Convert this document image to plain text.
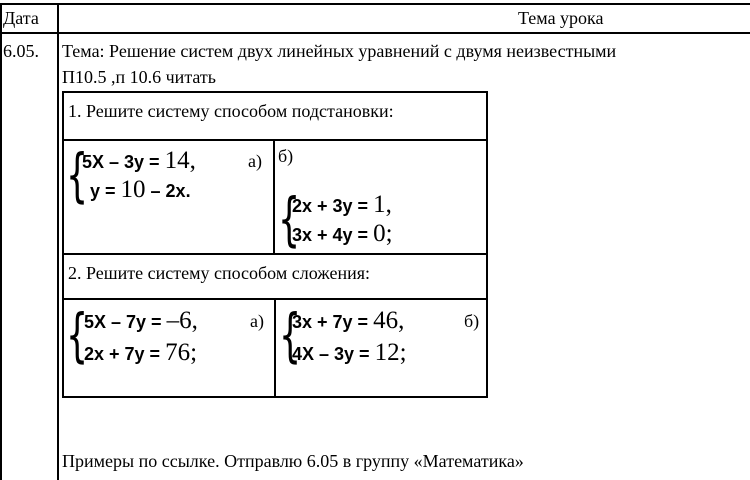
Дата	Тема урока
6.05. Тема: Решение систем двух линейных уравнений с двумя неизвестными
П10.5 ,п 10.6 читать
1. Решите систему способом подстановки:
{
5X – 3y = 14,	а)
y = 10 – 2x.
б)
{
2x + 3y = 1,
3x + 4y = 0;
2. Решите систему способом сложения:
{
5X – 7y = –6,	а)
2x + 7y = 76; {
3x + 7y = 46,	б)
4X – 3y = 12;
Примеры по ссылке. Отправлю 6.05 в группу «Математика»
